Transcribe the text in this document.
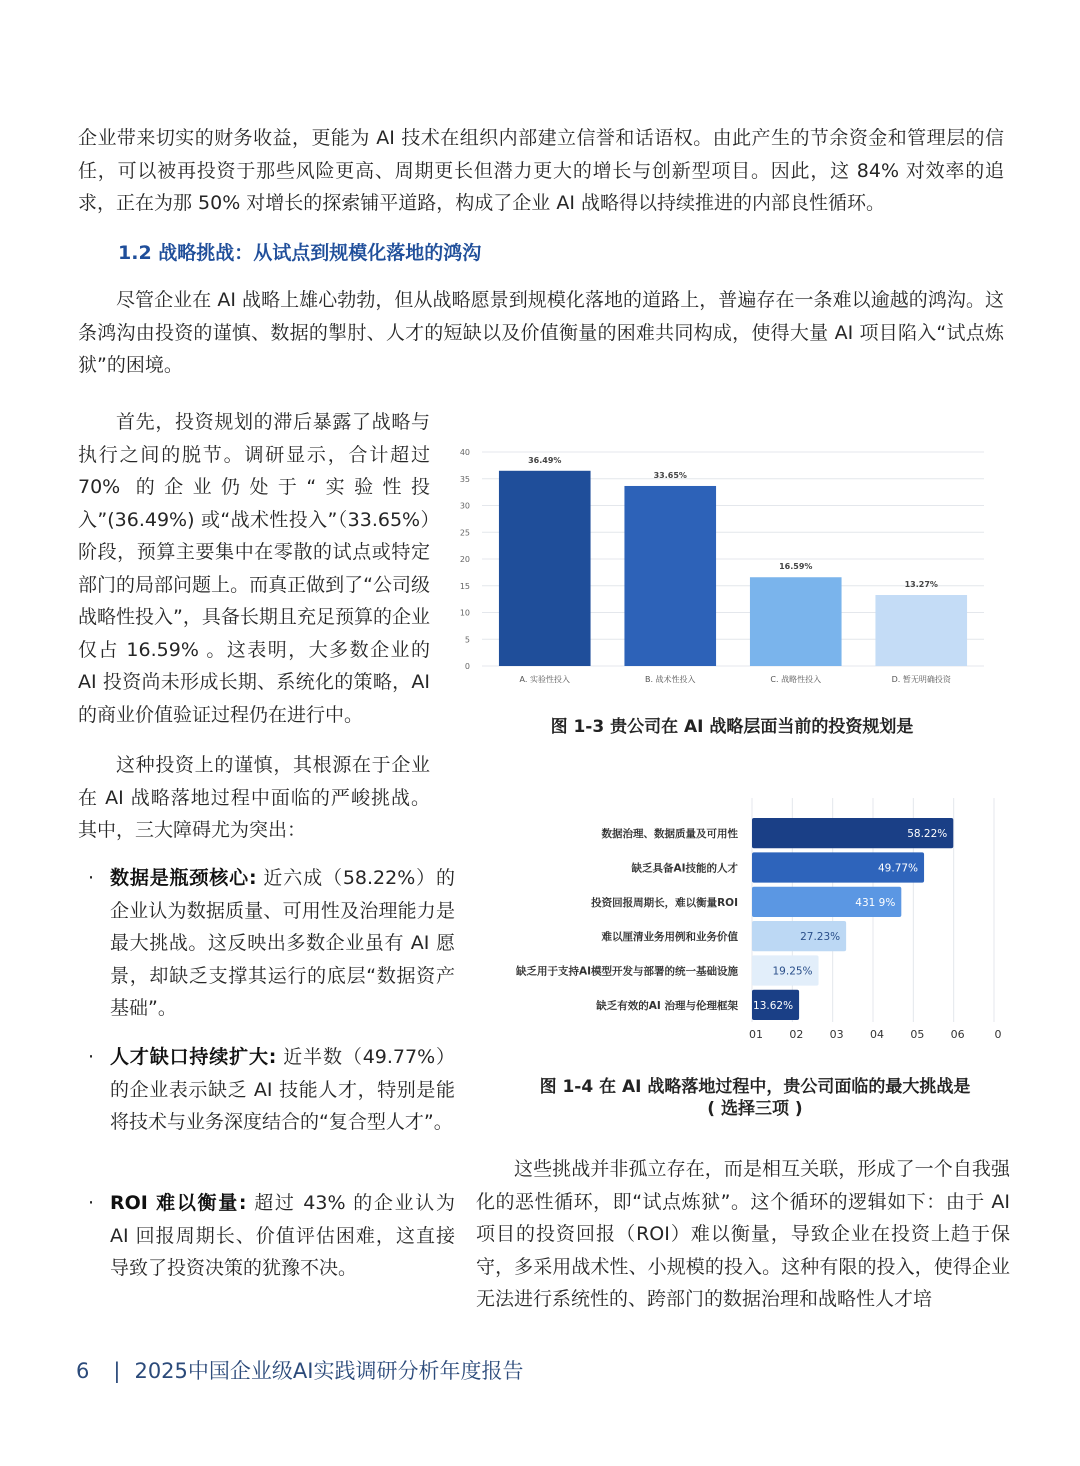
企业带来切实的财务收益，更能为 AI 技术在组织内部建立信誉和话语权。由此产生的节余资金和管理层的信任，可以被再投资于那些风险更高、周期更长但潜力更大的增长与创新型项目。因此，这 84% 对效率的追求，正在为那 50% 对增长的探索铺平道路，构成了企业 AI 战略得以持续推进的内部良性循环。

1.2 战略挑战：从试点到规模化落地的鸿沟

尽管企业在 AI 战略上雄心勃勃，但从战略愿景到规模化落地的道路上，普遍存在一条难以逾越的鸿沟。这条鸿沟由投资的谨慎、数据的掣肘、人才的短缺以及价值衡量的困难共同构成，使得大量 AI 项目陷入“试点炼狱”的困境。

首先，投资规划的滞后暴露了战略与执行之间的脱节。调研显示，合计超过 70% 的企业仍处于“实验性投入”(36.49%) 或“战术性投入”（33.65%）阶段，预算主要集中在零散的试点或特定部门的局部问题上。而真正做到了“公司级战略性投入”，具备长期且充足预算的企业仅占 16.59% 。这表明，大多数企业的 AI 投资尚未形成长期、系统化的策略，AI 的商业价值验证过程仍在进行中。

这种投资上的谨慎，其根源在于企业在 AI 战略落地过程中面临的严峻挑战。其中，三大障碍尤为突出：

· 数据是瓶颈核心: 近六成（58.22%）的企业认为数据质量、可用性及治理能力是最大挑战。这反映出多数企业虽有 AI 愿景，却缺乏支撑其运行的底层“数据资产基础”。
· 人才缺口持续扩大: 近半数（49.77%）的企业表示缺乏 AI 技能人才，特别是能将技术与业务深度结合的“复合型人才”。
· ROI 难以衡量: 超过 43% 的企业认为 AI 回报周期长、价值评估困难，这直接导致了投资决策的犹豫不决。
0
5
10
15
20
25
30
35
40
36.49%
A. 实验性投入
33.65%
B. 战术性投入
16.59%
C. 战略性投入
13.27%
D. 暂无明确投资

图 1-3 贵公司在 AI 战略层面当前的投资规划是

01 02 03 04 05 06	0
数据治理、数据质量及可用性	58.22%
缺乏具备AI技能的人才	49.77%
投资回报周期长，难以衡量ROI	431 9%
难以厘清业务用例和业务价值	27.23%
缺乏用于支持AI模型开发与部署的统一基础设施	19.25%
缺乏有效的AI 治理与伦理框架 13.62%

图 1-4 在 AI 战略落地过程中，贵公司面临的最大挑战是
( 选择三项 )

这些挑战并非孤立存在，而是相互关联，形成了一个自我强化的恶性循环，即“试点炼狱”。这个循环的逻辑如下：由于 AI 项目的投资回报（ROI）难以衡量，导致企业在投资上趋于保守，多采用战术性、小规模的投入。这种有限的投入，使得企业无法进行系统性的、跨部门的数据治理和战略性人才培

6 | 2025中国企业级AI实践调研分析年度报告
